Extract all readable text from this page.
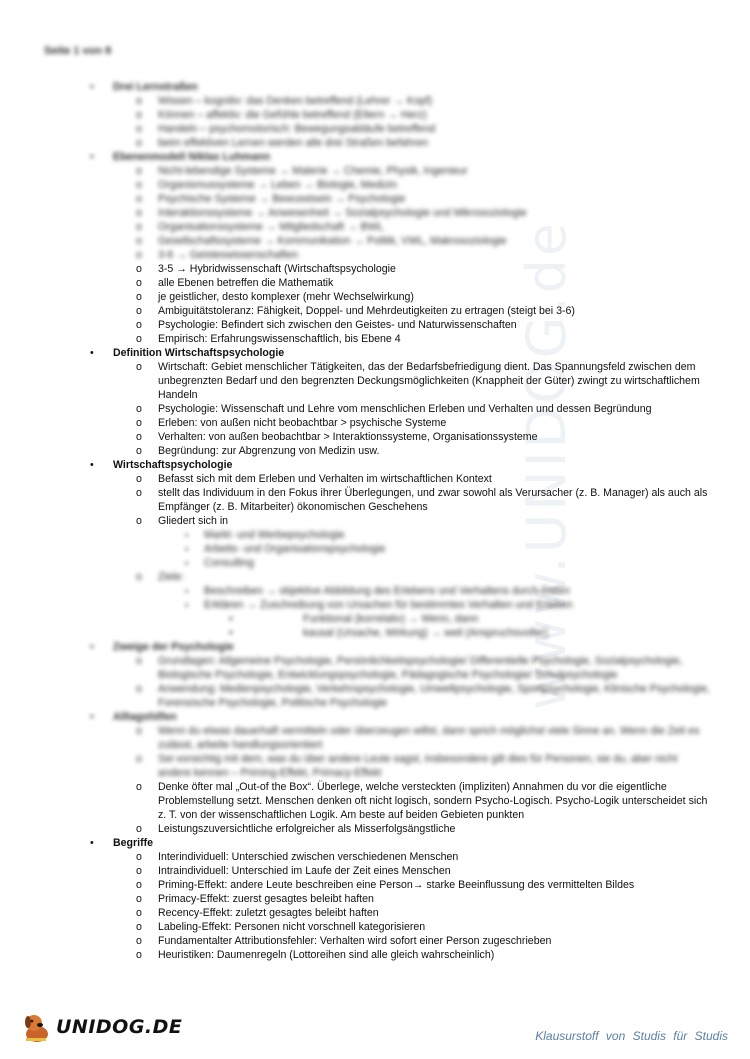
www.UNIDOG.de
Seite 1 von 8
• Drei Lernstraßen
o Wissen – kognitiv: das Denken betreffend (Lehrer → Kopf)
o Können – affektiv: die Gefühle betreffend (Eltern → Herz)
o Handeln – psychomotorisch: Bewegungsabläufe betreffend
o beim effektiven Lernen werden alle drei Straßen befahren
• Ebenenmodell Niklas Luhmann
o Nicht-lebendige Systeme → Materie → Chemie, Physik, Ingenieur
o Organismussysteme → Leben → Biologie, Medizin
o Psychische Systeme → Bewusstsein → Psychologie
o Interaktionssysteme → Anwesenheit → Sozialpsychologie und Mikrosoziologie
o Organisationssysteme → Mitgliedschaft → BWL
o Gesellschaftssysteme → Kommunikation → Politik, VWL, Makrosoziologie
o 3-6 → Geisteswissenschaften
o 3-5 → Hybridwissenschaft (Wirtschaftspsychologie
o alle Ebenen betreffen die Mathematik
o je geistlicher, desto komplexer (mehr Wechselwirkung)
o Ambiguitätstoleranz: Fähigkeit, Doppel- und Mehrdeutigkeiten zu ertragen (steigt bei 3-6)
o Psychologie: Befindert sich zwischen den Geistes- und Naturwissenschaften
o Empirisch: Erfahrungswissenschaftlich, bis Ebene 4
• Definition Wirtschaftspsychologie
o Wirtschaft: Gebiet menschlicher Tätigkeiten, das der Bedarfsbefriedigung dient. Das Spannungsfeld zwischen dem unbegrenzten Bedarf und den begrenzten Deckungsmöglichkeiten (Knappheit der Güter) zwingt zu wirtschaftlichem Handeln
o Psychologie: Wissenschaft und Lehre vom menschlichen Erleben und Verhalten und dessen Begründung
o Erleben: von außen nicht beobachtbar > psychische Systeme
o Verhalten: von außen beobachtbar > Interaktionssysteme, Organisationssysteme
o Begründung: zur Abgrenzung von Medizin usw.
• Wirtschaftspsychologie
o Befasst sich mit dem Erleben und Verhalten im wirtschaftlichen Kontext
o stellt das Individuum in den Fokus ihrer Überlegungen, und zwar sowohl als Verursacher (z. B. Manager) als auch als Empfänger (z. B. Mitarbeiter) ökonomischen Geschehens
o Gliedert sich in
▪ Markt- und Werbepsychologie
▪ Arbeits- und Organisationspsychologie
▪ Consulting
o Ziele:
▪ Beschreiben → objektive Abbildung des Erlebens und Verhaltens durch Daten
▪ Erklären → Zuschreibung von Ursachen für bestimmtes Verhalten und Erleben
• Funktional (korrelativ) → Wenn, dann
• kausal (Ursache, Wirkung) → weil (Anspruchsvoller)
• Zweige der Psychologie
o Grundlagen: Allgemeine Psychologie, Persönlichkeitspsychologie/ Differentielle Psychologie, Sozialpsychologie, Biologische Psychologie, Entwicklungspsychologie, Pädagogische Psychologie/ Schulpsychologie
o Anwendung: Medienpsychologie, Verkehrspsychologie, Umweltpsychologie, Sportpsychologie, Klinische Psychologie, Forensische Psychologie, Politische Psychologie
• Alltagshilfen
o Wenn du etwas dauerhaft vermitteln oder überzeugen willst, dann sprich möglichst viele Sinne an. Wenn die Zeit es zulässt, arbeite handlungsorientiert
o Sei vorsichtig mit dem, was du über andere Leute sagst, insbesondere gilt dies für Personen, sie du, aber nicht andere kennen – Priming-Effekt, Primacy-Effekt
o Denke öfter mal „Out-of the Box“. Überlege, welche versteckten (impliziten) Annahmen du vor die eigentliche Problemstellung setzt. Menschen denken oft nicht logisch, sondern Psycho-Logisch. Psycho-Logik unterscheidet sich z. T. von der wissenschaftlichen Logik. Am beste auf beiden Gebieten punkten
o Leistungszuversichtliche erfolgreicher als Misserfolgsängstliche
• Begriffe
o Interindividuell: Unterschied zwischen verschiedenen Menschen
o Intraindividuell: Unterschied im Laufe der Zeit eines Menschen
o Priming-Effekt: andere Leute beschreiben eine Person→ starke Beeinflussung des vermittelten Bildes
o Primacy-Effekt: zuerst gesagtes beleibt haften
o Recency-Effekt: zuletzt gesagtes beleibt haften
o Labeling-Effekt: Personen nicht vorschnell kategorisieren
o Fundamentalter Attributionsfehler: Verhalten wird sofort einer Person zugeschrieben
o Heuristiken: Daumenregeln (Lottoreihen sind alle gleich wahrscheinlich)
UNIDOG.DE	Klausurstoff von Studis für Studis
